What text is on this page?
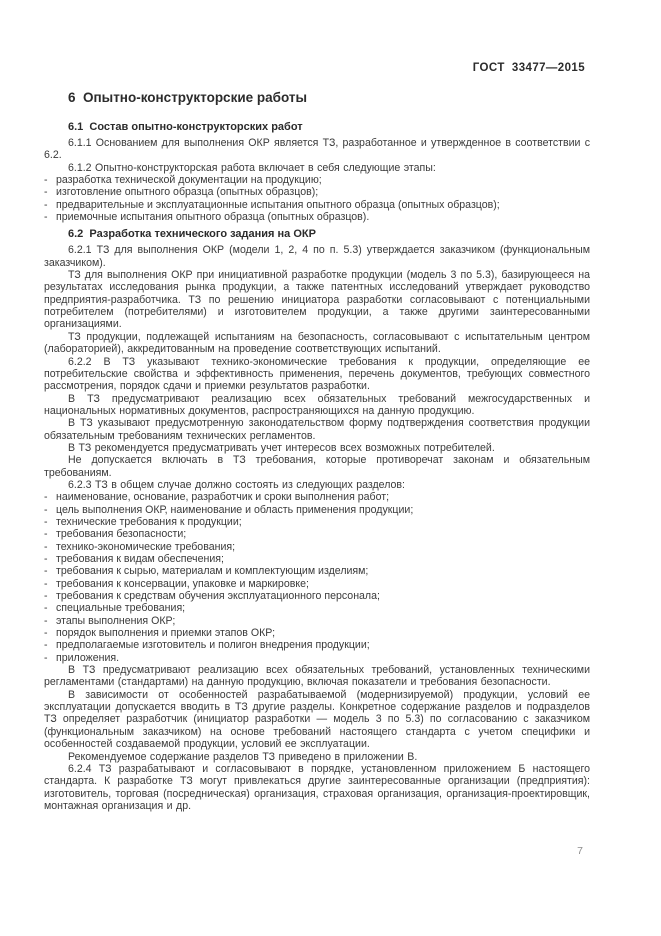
ГОСТ  33477—2015
6  Опытно-конструкторские работы
6.1  Состав опытно-конструкторских работ
6.1.1 Основанием для выполнения ОКР является ТЗ, разработанное и утвержденное в соответствии с 6.2.
6.1.2 Опытно-конструкторская работа включает в себя следующие этапы:
- разработка технической документации на продукцию;
- изготовление опытного образца (опытных образцов);
- предварительные и эксплуатационные испытания опытного образца (опытных образцов);
- приемочные испытания опытного образца (опытных образцов).
6.2  Разработка технического задания на ОКР
6.2.1 ТЗ для выполнения ОКР (модели 1, 2, 4 по п. 5.3) утверждается заказчиком (функциональным заказчиком).
ТЗ для выполнения ОКР при инициативной разработке продукции (модель 3 по 5.3), базирующееся на результатах исследования рынка продукции, а также патентных исследований утверждает руководство предприятия-разработчика. ТЗ по решению инициатора разработки согласовывают с потенциальными потребителем (потребителями) и изготовителем продукции, а также другими заинтересованными организациями.
ТЗ продукции, подлежащей испытаниям на безопасность, согласовывают с испытательным центром (лабораторией), аккредитованным на проведение соответствующих испытаний.
6.2.2 В ТЗ указывают технико-экономические требования к продукции, определяющие ее потребительские свойства и эффективность применения, перечень документов, требующих совместного рассмотрения, порядок сдачи и приемки результатов разработки.
В ТЗ предусматривают реализацию всех обязательных требований межгосударственных и национальных нормативных документов, распространяющихся на данную продукцию.
В ТЗ указывают предусмотренную законодательством форму подтверждения соответствия продукции обязательным требованиям технических регламентов.
В ТЗ рекомендуется предусматривать учет интересов всех возможных потребителей.
Не допускается включать в ТЗ требования, которые противоречат законам и обязательным требованиям.
6.2.3 ТЗ в общем случае должно состоять из следующих разделов:
- наименование, основание, разработчик и сроки выполнения работ;
- цель выполнения ОКР, наименование и область применения продукции;
- технические требования к продукции;
- требования безопасности;
- технико-экономические требования;
- требования к видам обеспечения;
- требования к сырью, материалам и комплектующим изделиям;
- требования к консервации, упаковке и маркировке;
- требования к средствам обучения эксплуатационного персонала;
- специальные требования;
- этапы выполнения ОКР;
- порядок выполнения и приемки этапов ОКР;
- предполагаемые изготовитель и полигон внедрения продукции;
- приложения.
В ТЗ предусматривают реализацию всех обязательных требований, установленных техническими регламентами (стандартами) на данную продукцию, включая показатели и требования безопасности.
В зависимости от особенностей разрабатываемой (модернизируемой) продукции, условий ее эксплуатации допускается вводить в ТЗ другие разделы. Конкретное содержание разделов и подразделов ТЗ определяет разработчик (инициатор разработки — модель 3 по 5.3) по согласованию с заказчиком (функциональным заказчиком) на основе требований настоящего стандарта с учетом специфики и особенностей создаваемой продукции, условий ее эксплуатации.
Рекомендуемое содержание разделов ТЗ приведено в приложении В.
6.2.4 ТЗ разрабатывают и согласовывают в порядке, установленном приложением Б настоящего стандарта. К разработке ТЗ могут привлекаться другие заинтересованные организации (предприятия): изготовитель, торговая (посредническая) организация, страховая организация, организация-проектировщик, монтажная организация и др.
7
